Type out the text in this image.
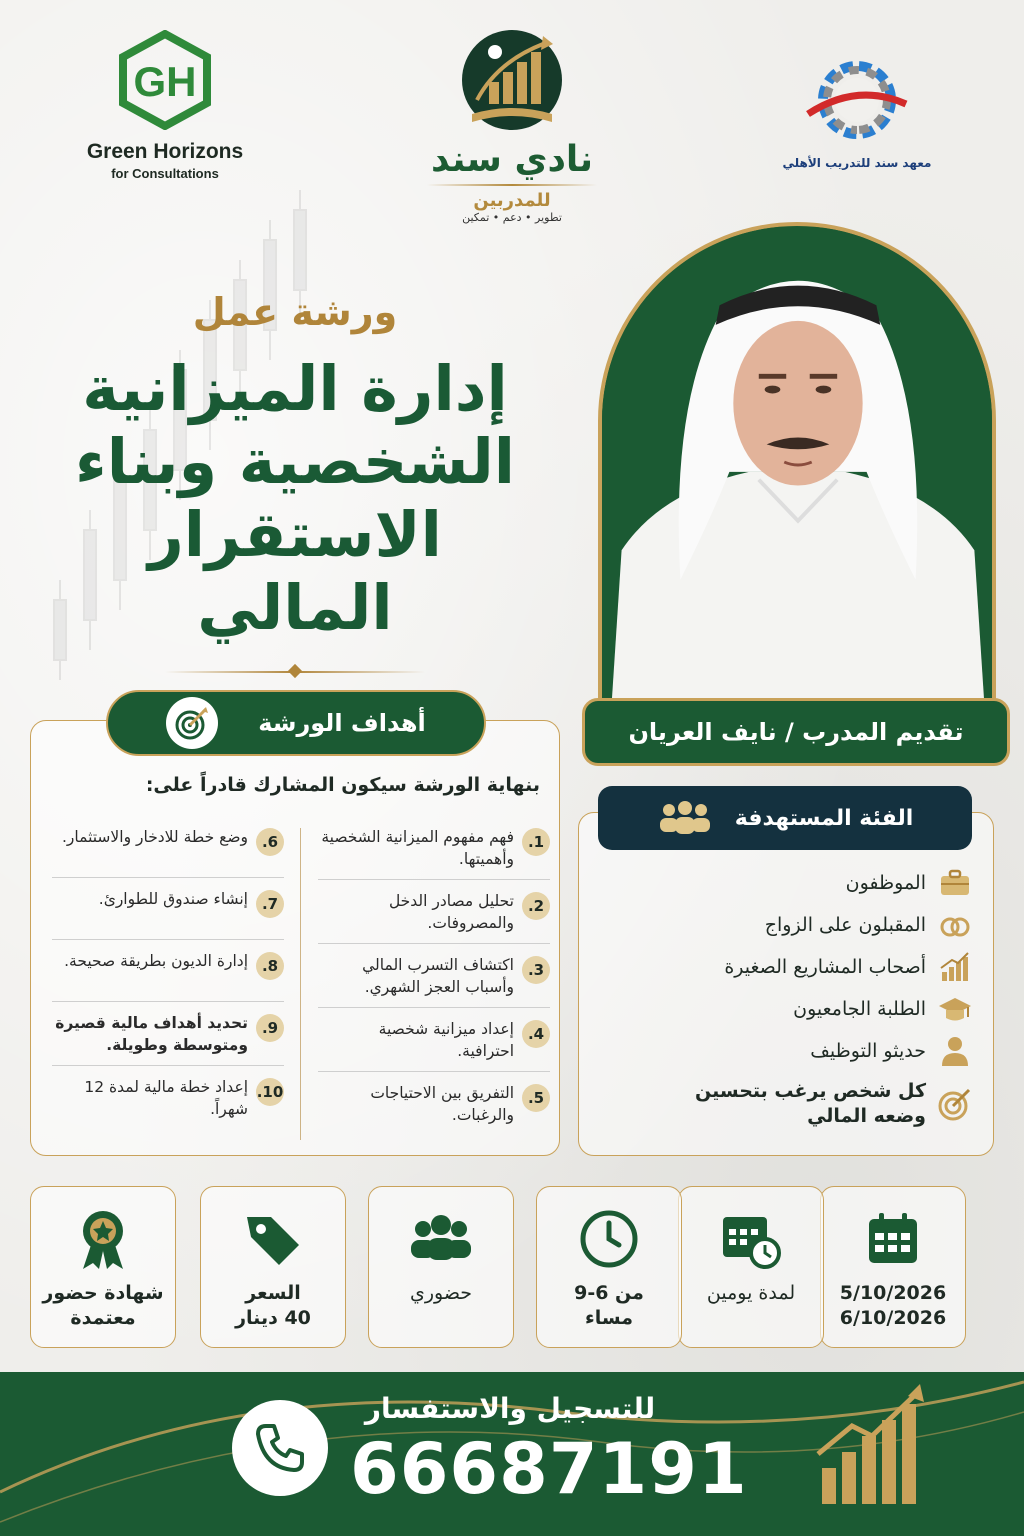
GH
Green Horizons
for Consultations	نادي سند
للمدربين
تطوير • دعم • تمكين
معهد سند للتدريب الأهلي
ورشة عمل
إدارة الميزانية
الشخصية وبناء
الاستقرار المالي
تقديم المدرب / نايف العريان
أهداف الورشة
بنهاية الورشة سيكون المشارك قادراً على:
1.
فهم مفهوم الميزانية الشخصية وأهميتها.
2.
تحليل مصادر الدخل والمصروفات.
3.
اكتشاف التسرب المالي وأسباب العجز الشهري.
4.
إعداد ميزانية شخصية احترافية.
5.
التفريق بين الاحتياجات والرغبات.
6.
وضع خطة للادخار والاستثمار.
7.
إنشاء صندوق للطوارئ.
8.
إدارة الديون بطريقة صحيحة.
9.
تحديد أهداف مالية قصيرة ومتوسطة وطويلة.
10.
إعداد خطة مالية لمدة 12 شهراً.
الفئة المستهدفة
الموظفون
المقبلون على الزواج
أصحاب المشاريع الصغيرة
الطلبة الجامعيون
حديثو التوظيف
كل شخص يرغب بتحسين وضعه المالي
5/10/2026
6/10/2026
لمدة يومين
من 6-9
مساء
حضوري
السعر
40 دينار
شهادة حضور
معتمدة
للتسجيل والاستفسار
66687191
